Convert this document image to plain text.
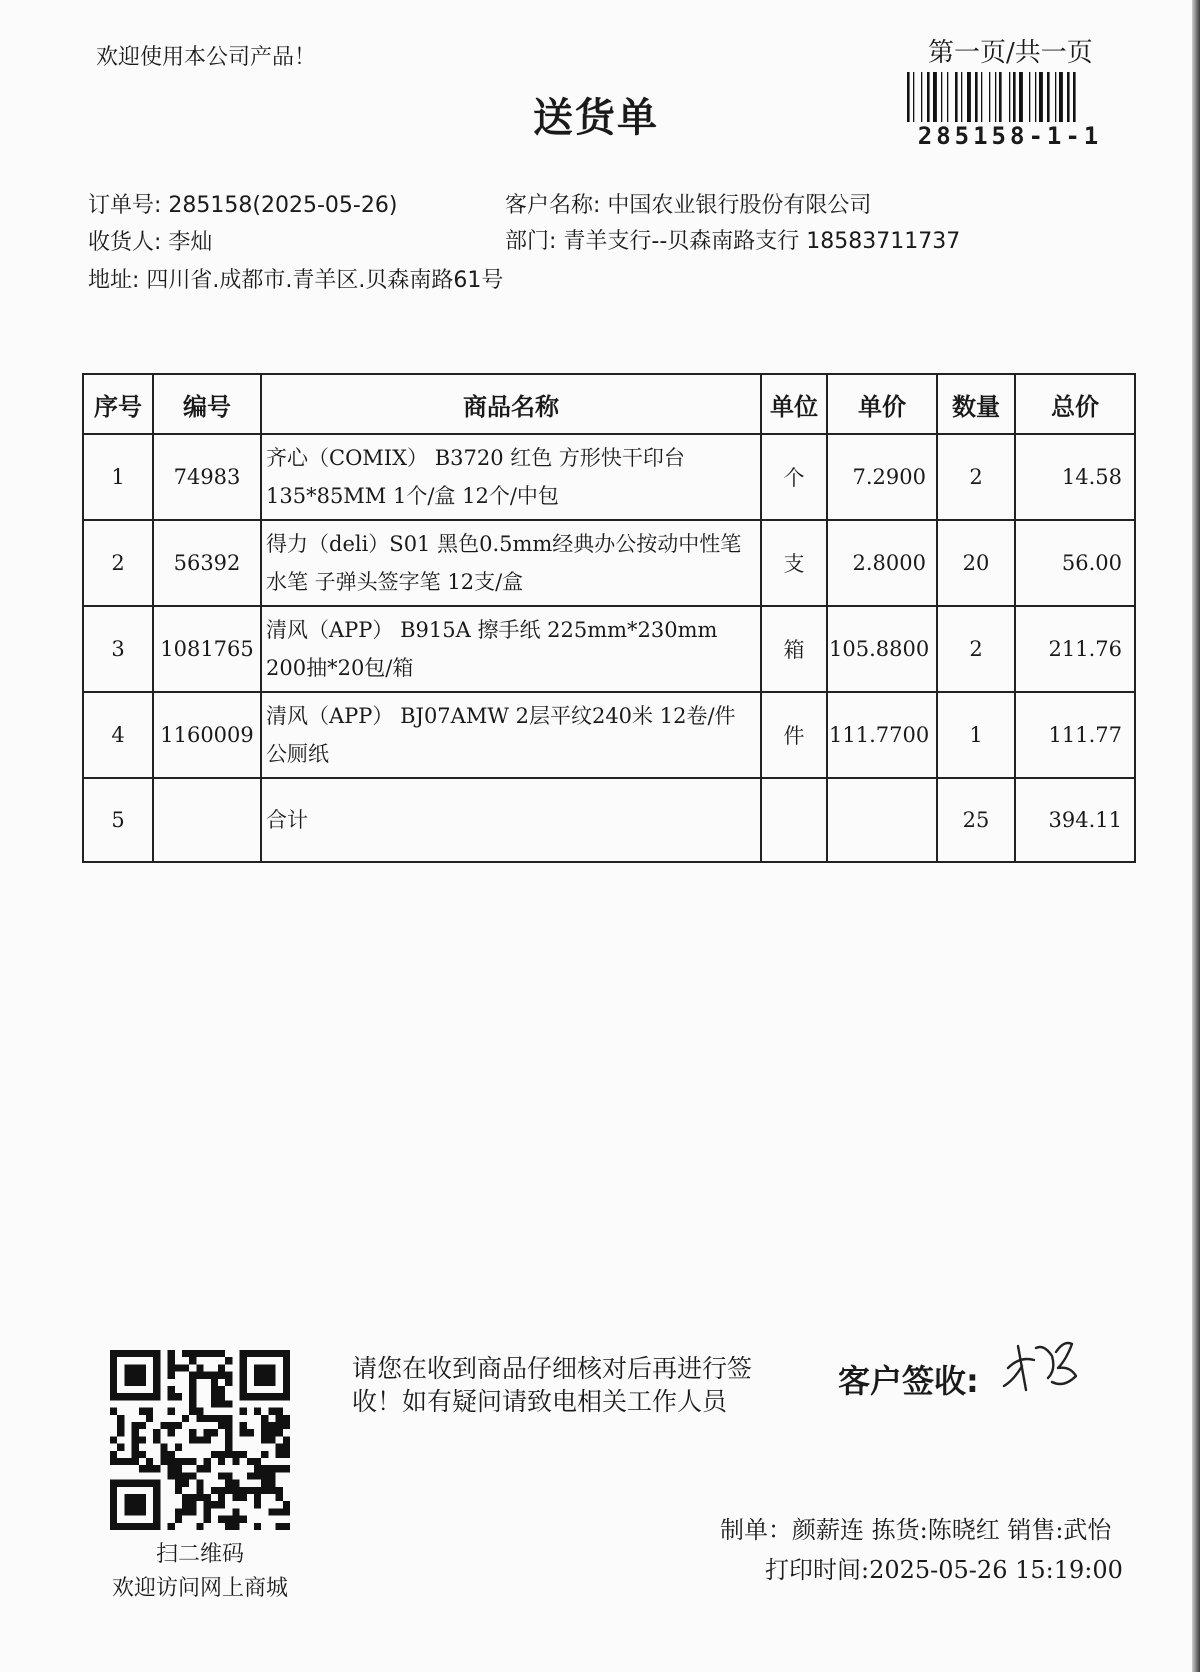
欢迎使用本公司产品！	第一页/共一页
285158-1-1
送货单
订单号: 285158(2025-05-26)	客户名称: 中国农业银行股份有限公司
收货人: 李灿	部门: 青羊支行--贝森南路支行 18583711737
地址: 四川省.成都市.青羊区.贝森南路61号
序号	编号	商品名称	单位	单价	数量	总价
1	74983	齐心（COMIX） B3720 红色 方形快干印台 135*85MM 1个/盒 12个/中包	个	7.2900	2	14.58
2	56392	得力（deli）S01 黑色0.5mm经典办公按动中性笔水笔 子弹头签字笔 12支/盒	支	2.8000	20	56.00
3	1081765	清风（APP） B915A 擦手纸 225mm*230mm 200抽*20包/箱	箱	105.8800	2	211.76
4	1160009	清风（APP） BJ07AMW 2层平纹240米 12卷/件 公厕纸	件	111.7700	1	111.77
5		合计			25	394.11
扫二维码
欢迎访问网上商城
请您在收到商品仔细核对后再进行签收！如有疑问请致电相关工作人员
客户签收:
制单：颜薪连 拣货:陈晓红 销售:武怡
打印时间:2025-05-26 15:19:00
